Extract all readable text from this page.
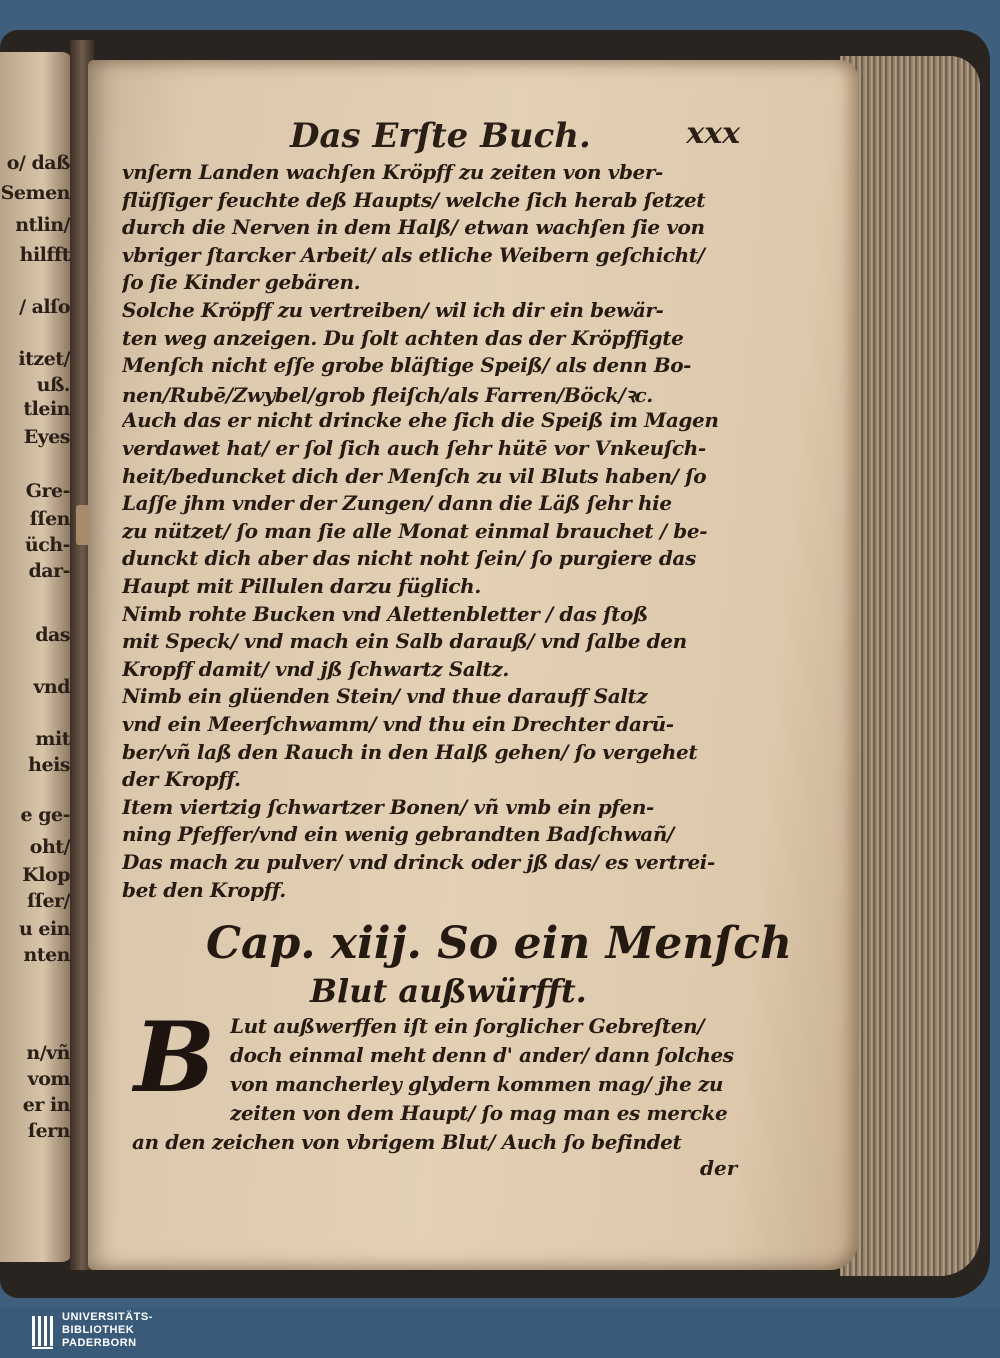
o/ daß
Semen
ntlin/
hilfft
/ alſo
itzet/
uß.
tlein
Eyes
Gre-
ſſen
üch-
dar-
das
vnd
mit
heis
e ge-
oht/
Klop
ſſer/
u ein
nten
n/vñ
vom
er in
ſern
Das Erſte Buch.	xxx
vnſern Landen wachſen Kröpff zu zeiten von vber-
flüſſiger feuchte deß Haupts/ welche ſich herab ſetzet
durch die Nerven in dem Halß/ etwan wachſen ſie von
vbriger ſtarcker Arbeit/ als etliche Weibern geſchicht/
ſo ſie Kinder gebären.
Solche Kröpff zu vertreiben/ wil ich dir ein bewär-
ten weg anzeigen. Du ſolt achten das der Kröpffigte
Menſch nicht eſſe grobe bläſtige Speiß/ als denn Bo-
nen/Rubē/Zwybel/grob fleiſch/als Farren/Böck/ꝛc.
Auch das er nicht drincke ehe ſich die Speiß im Magen
verdawet hat/ er ſol ſich auch ſehr hütē vor Vnkeuſch-
heit/beduncket dich der Menſch zu vil Bluts haben/ ſo
Laſſe jhm vnder der Zungen/ dann die Läß ſehr hie
zu nützet/ ſo man ſie alle Monat einmal brauchet / be-
dunckt dich aber das nicht noht ſein/ ſo purgiere das
Haupt mit Pillulen darzu füglich.
Nimb rohte Bucken vnd Alettenbletter / das ſtoß
mit Speck/ vnd mach ein Salb darauß/ vnd ſalbe den
Kropff damit/ vnd jß ſchwartz Saltz.
Nimb ein glüenden Stein/ vnd thue darauff Saltz
vnd ein Meerſchwamm/ vnd thu ein Drechter darū-
ber/vñ laß den Rauch in den Halß gehen/ ſo vergehet
der Kropff.
Item viertzig ſchwartzer Bonen/ vñ vmb ein pfen-
ning Pfeffer/vnd ein wenig gebrandten Badſchwañ/
Das mach zu pulver/ vnd drinck oder jß das/ es vertrei-
bet den Kropff.
Cap. xiij. So ein Menſch
Blut außwürfft.
B Lut außwerffen iſt ein ſorglicher Gebreſten/
doch einmal meht denn d' ander/ dann ſolches
von mancherley glydern kommen mag/ jhe zu
zeiten von dem Haupt/ ſo mag man es mercke
an den zeichen von vbrigem Blut/ Auch ſo befindet
der
UNIVERSITÄTS-
BIBLIOTHEK
PADERBORN
